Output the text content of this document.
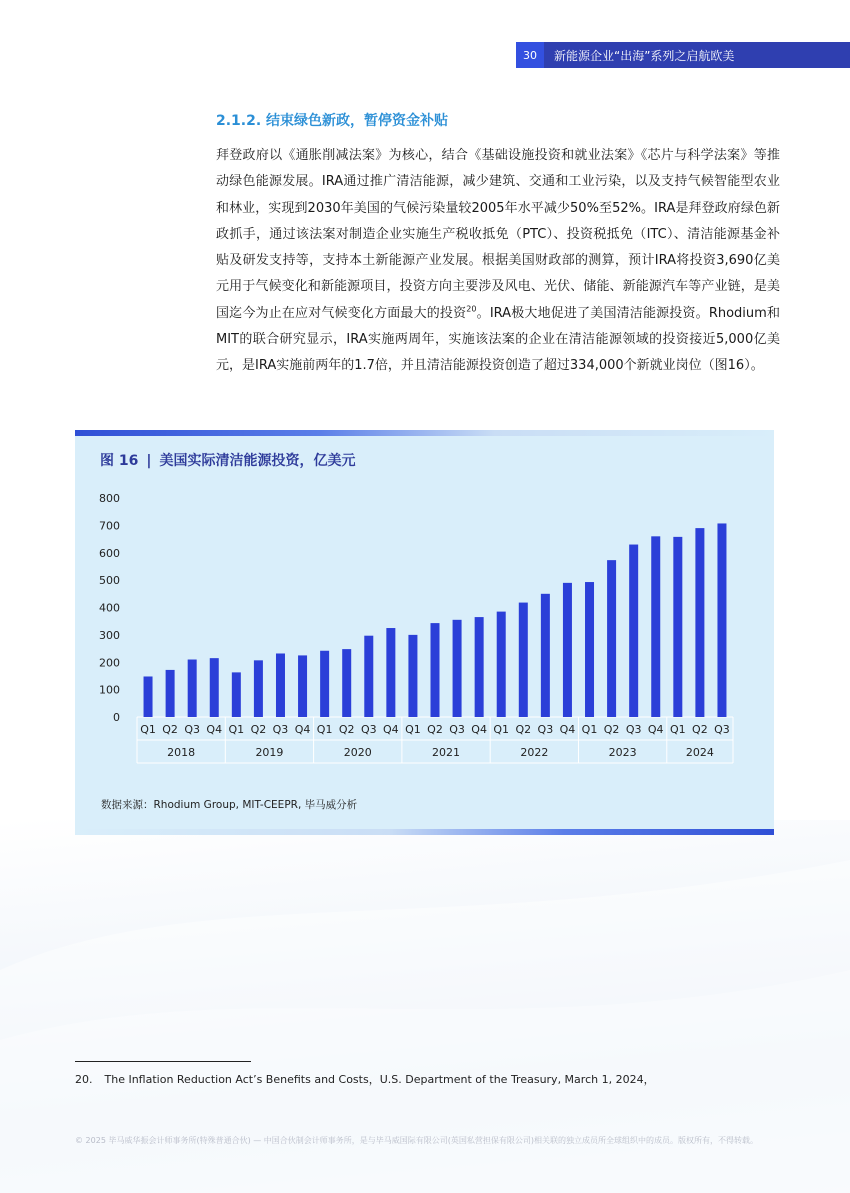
30	新能源企业“出海”系列之启航欧美
2.1.2. 结束绿色新政，暂停资金补贴
拜登政府以《通胀削减法案》为核心，结合《基础设施投资和就业法案》《芯片与科学法案》等推动绿色能源发展。IRA通过推广清洁能源，减少建筑、交通和工业污染，以及支持气候智能型农业和林业，实现到2030年美国的气候污染量较2005年水平减少50%至52%。IRA是拜登政府绿色新政抓手，通过该法案对制造企业实施生产税收抵免（PTC）、投资税抵免（ITC）、清洁能源基金补贴及研发支持等，支持本土新能源产业发展。根据美国财政部的测算，预计IRA将投资3,690亿美元用于气候变化和新能源项目，投资方向主要涉及风电、光伏、储能、新能源汽车等产业链，是美国迄今为止在应对气候变化方面最大的投资$^{20}$。IRA极大地促进了美国清洁能源投资。Rhodium和MIT的联合研究显示，IRA实施两周年，实施该法案的企业在清洁能源领域的投资接近5,000亿美元，是IRA实施前两年的1.7倍，并且清洁能源投资创造了超过334,000个新就业岗位（图16）。
图 16 | 美国实际清洁能源投资，亿美元
0
100
200
300
400
500
600
700
800
Q1 Q2 Q3 Q4 Q1 Q2 Q3 Q4 Q1 Q2 Q3 Q4 Q1 Q2 Q3 Q4 Q1 Q2 Q3 Q4 Q1 Q2 Q3 Q4 Q1 Q2 Q3
2018	2019	2020	2021	2022	2023	2024
数据来源：Rhodium Group, MIT-CEEPR, 毕马威分析
20. The Inflation Reduction Act’s Benefits and Costs，U.S. Department of the Treasury, March 1, 2024，
© 2025 毕马威华振会计师事务所(特殊普通合伙) — 中国合伙制会计师事务所，是与毕马威国际有限公司(英国私营担保有限公司)相关联的独立成员所全球组织中的成员。版权所有，不得转载。
